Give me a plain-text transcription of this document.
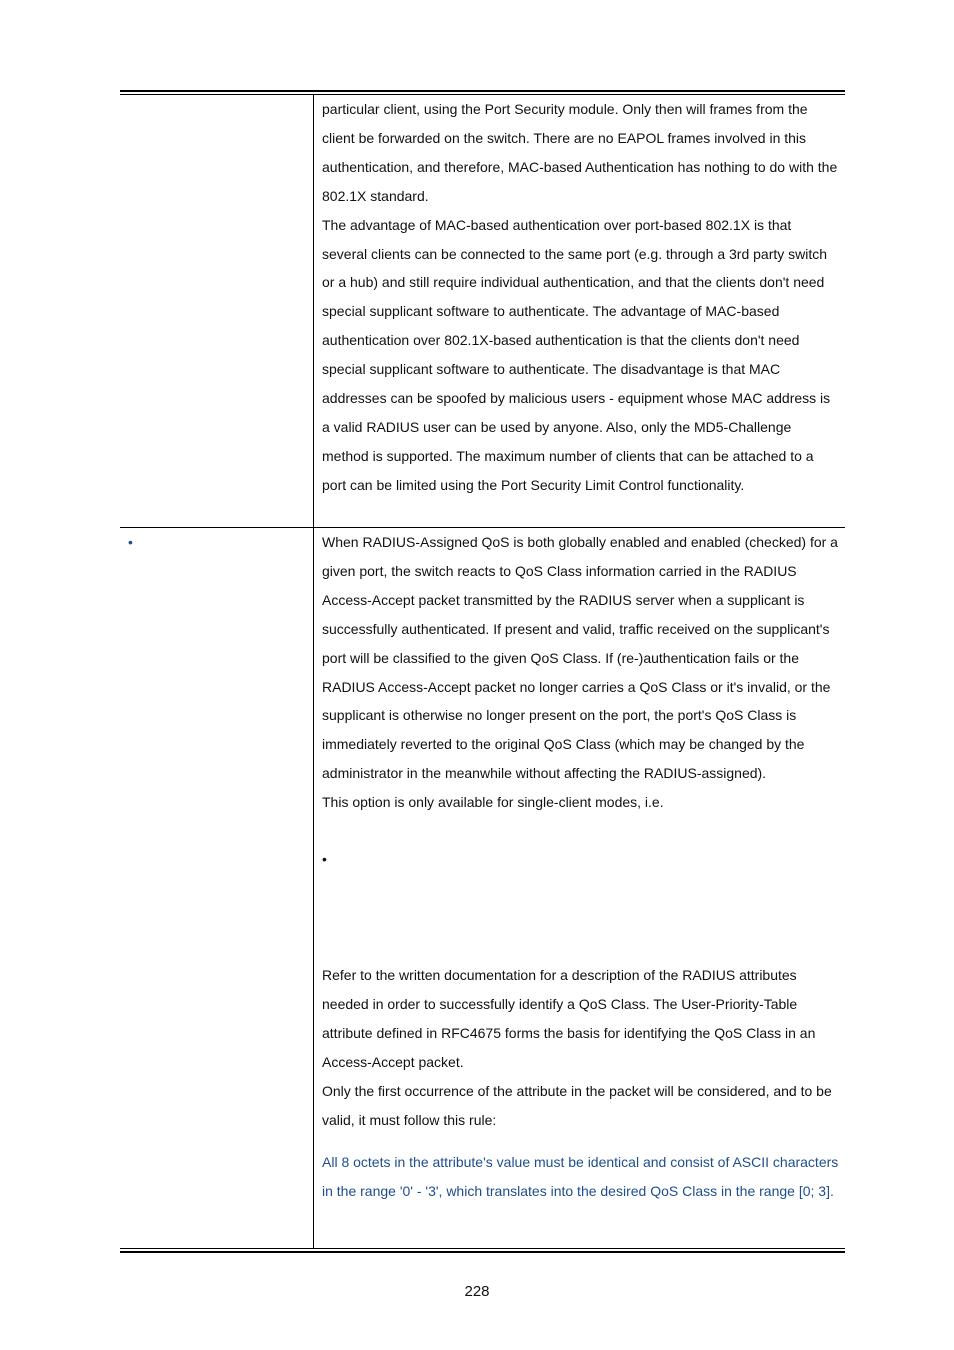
particular client, using the Port Security module. Only then will frames from the client be forwarded on the switch. There are no EAPOL frames involved in this authentication, and therefore, MAC-based Authentication has nothing to do with the 802.1X standard.

The advantage of MAC-based authentication over port-based 802.1X is that several clients can be connected to the same port (e.g. through a 3rd party switch or a hub) and still require individual authentication, and that the clients don't need special supplicant software to authenticate. The advantage of MAC-based authentication over 802.1X-based authentication is that the clients don't need special supplicant software to authenticate. The disadvantage is that MAC addresses can be spoofed by malicious users - equipment whose MAC address is a valid RADIUS user can be used by anyone. Also, only the MD5-Challenge method is supported. The maximum number of clients that can be attached to a port can be limited using the Port Security Limit Control functionality.

•	When RADIUS-Assigned QoS is both globally enabled and enabled (checked) for a given port, the switch reacts to QoS Class information carried in the RADIUS Access-Accept packet transmitted by the RADIUS server when a supplicant is successfully authenticated. If present and valid, traffic received on the supplicant's port will be classified to the given QoS Class. If (re-)authentication fails or the RADIUS Access-Accept packet no longer carries a QoS Class or it's invalid, or the supplicant is otherwise no longer present on the port, the port's QoS Class is immediately reverted to the original QoS Class (which may be changed by the administrator in the meanwhile without affecting the RADIUS-assigned).

This option is only available for single-client modes, i.e.

•

Refer to the written documentation for a description of the RADIUS attributes needed in order to successfully identify a QoS Class. The User-Priority-Table attribute defined in RFC4675 forms the basis for identifying the QoS Class in an Access-Accept packet.

Only the first occurrence of the attribute in the packet will be considered, and to be valid, it must follow this rule:

All 8 octets in the attribute's value must be identical and consist of ASCII characters in the range '0' - '3', which translates into the desired QoS Class in the range [0; 3].

228
